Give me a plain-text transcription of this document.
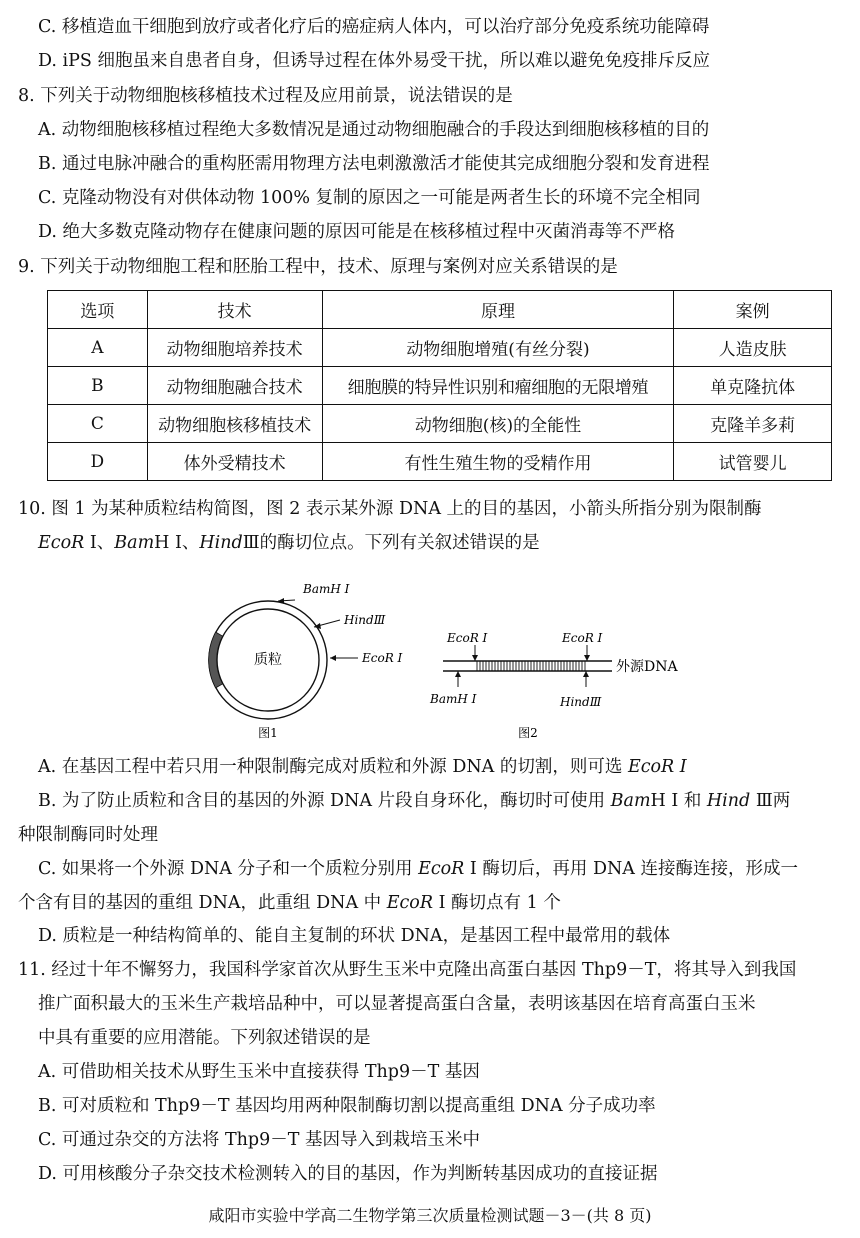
C. 移植造血干细胞到放疗或者化疗后的癌症病人体内，可以治疗部分免疫系统功能障碍
D. iPS 细胞虽来自患者自身，但诱导过程在体外易受干扰，所以难以避免免疫排斥反应
8. 下列关于动物细胞核移植技术过程及应用前景，说法错误的是
A. 动物细胞核移植过程绝大多数情况是通过动物细胞融合的手段达到细胞核移植的目的
B. 通过电脉冲融合的重构胚需用物理方法电刺激激活才能使其完成细胞分裂和发育进程
C. 克隆动物没有对供体动物 100% 复制的原因之一可能是两者生长的环境不完全相同
D. 绝大多数克隆动物存在健康问题的原因可能是在核移植过程中灭菌消毒等不严格
9. 下列关于动物细胞工程和胚胎工程中，技术、原理与案例对应关系错误的是
选项	技术	原理	案例
A	动物细胞培养技术	动物细胞增殖(有丝分裂)	人造皮肤
B	动物细胞融合技术	细胞膜的特异性识别和瘤细胞的无限增殖	单克隆抗体
C	动物细胞核移植技术	动物细胞(核)的全能性	克隆羊多莉
D	体外受精技术	有性生殖生物的受精作用	试管婴儿
10. 图 1 为某种质粒结构简图，图 2 表示某外源 DNA 上的目的基因，小箭头所指分别为限制酶
EcoR Ⅰ、BamH Ⅰ、HindⅢ的酶切位点。下列有关叙述错误的是
质粒
BamH Ⅰ
HindⅢ
EcoR Ⅰ
图1
EcoR Ⅰ	EcoR Ⅰ
BamH Ⅰ	HindⅢ
外源DNA
图2
A. 在基因工程中若只用一种限制酶完成对质粒和外源 DNA 的切割，则可选 EcoR Ⅰ
B. 为了防止质粒和含目的基因的外源 DNA 片段自身环化，酶切时可使用 BamH Ⅰ 和 Hind Ⅲ两
种限制酶同时处理
C. 如果将一个外源 DNA 分子和一个质粒分别用 EcoR Ⅰ 酶切后，再用 DNA 连接酶连接，形成一
个含有目的基因的重组 DNA，此重组 DNA 中 EcoR Ⅰ 酶切点有 1 个
D. 质粒是一种结构简单的、能自主复制的环状 DNA，是基因工程中最常用的载体
11. 经过十年不懈努力，我国科学家首次从野生玉米中克隆出高蛋白基因 Thp9－T，将其导入到我国
推广面积最大的玉米生产栽培品种中，可以显著提高蛋白含量，表明该基因在培育高蛋白玉米
中具有重要的应用潜能。下列叙述错误的是
A. 可借助相关技术从野生玉米中直接获得 Thp9－T 基因
B. 可对质粒和 Thp9－T 基因均用两种限制酶切割以提高重组 DNA 分子成功率
C. 可通过杂交的方法将 Thp9－T 基因导入到栽培玉米中
D. 可用核酸分子杂交技术检测转入的目的基因，作为判断转基因成功的直接证据
咸阳市实验中学高二生物学第三次质量检测试题－3－(共 8 页)
